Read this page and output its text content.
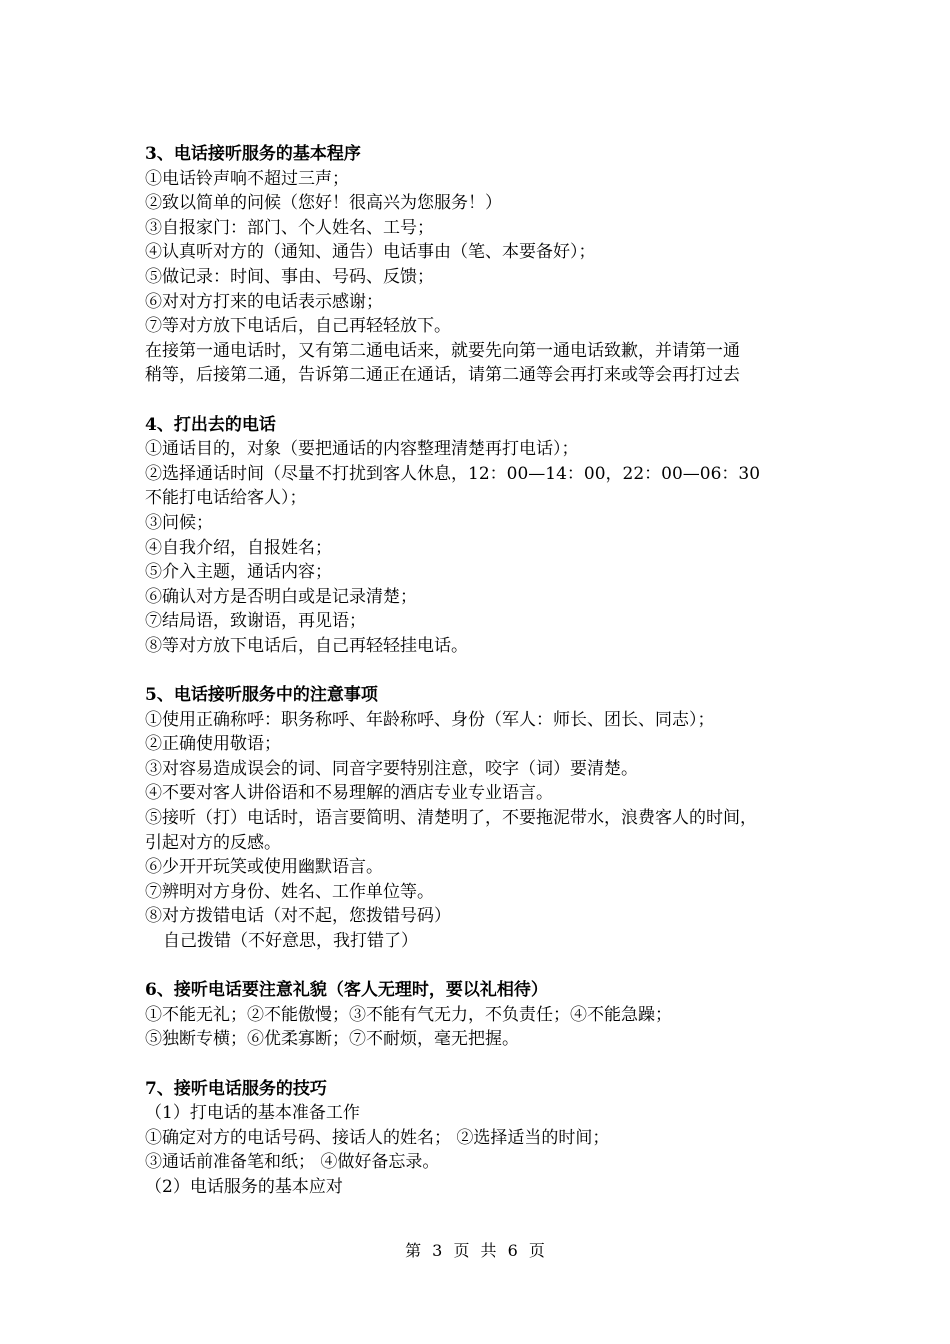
3、电话接听服务的基本程序
①电话铃声响不超过三声；
②致以简单的问候（您好！很高兴为您服务！）
③自报家门：部门、个人姓名、工号；
④认真听对方的（通知、通告）电话事由（笔、本要备好）；
⑤做记录：时间、事由、号码、反馈；
⑥对对方打来的电话表示感谢；
⑦等对方放下电话后，自己再轻轻放下。
在接第一通电话时，又有第二通电话来，就要先向第一通电话致歉，并请第一通
稍等，后接第二通，告诉第二通正在通话，请第二通等会再打来或等会再打过去
4、打出去的电话
①通话目的，对象（要把通话的内容整理清楚再打电话）；
②选择通话时间（尽量不打扰到客人休息，12：00—14：00，22：00—06：30
不能打电话给客人）；
③问候；
④自我介绍，自报姓名；
⑤介入主题，通话内容；
⑥确认对方是否明白或是记录清楚；
⑦结局语，致谢语，再见语；
⑧等对方放下电话后，自己再轻轻挂电话。
5、电话接听服务中的注意事项
①使用正确称呼：职务称呼、年龄称呼、身份（军人：师长、团长、同志）；
②正确使用敬语；
③对容易造成误会的词、同音字要特别注意，咬字（词）要清楚。
④不要对客人讲俗语和不易理解的酒店专业专业语言。
⑤接听（打）电话时，语言要简明、清楚明了，不要拖泥带水，浪费客人的时间，
引起对方的反感。
⑥少开开玩笑或使用幽默语言。
⑦辨明对方身份、姓名、工作单位等。
⑧对方拨错电话（对不起，您拨错号码）
自己拨错（不好意思，我打错了）
6、接听电话要注意礼貌（客人无理时，要以礼相待）
①不能无礼；②不能傲慢；③不能有气无力，不负责任；④不能急躁；
⑤独断专横；⑥优柔寡断；⑦不耐烦，毫无把握。
7、接听电话服务的技巧
（1）打电话的基本准备工作
①确定对方的电话号码、接话人的姓名； ②选择适当的时间；
③通话前准备笔和纸； ④做好备忘录。
（2）电话服务的基本应对
第 3 页 共 6 页
